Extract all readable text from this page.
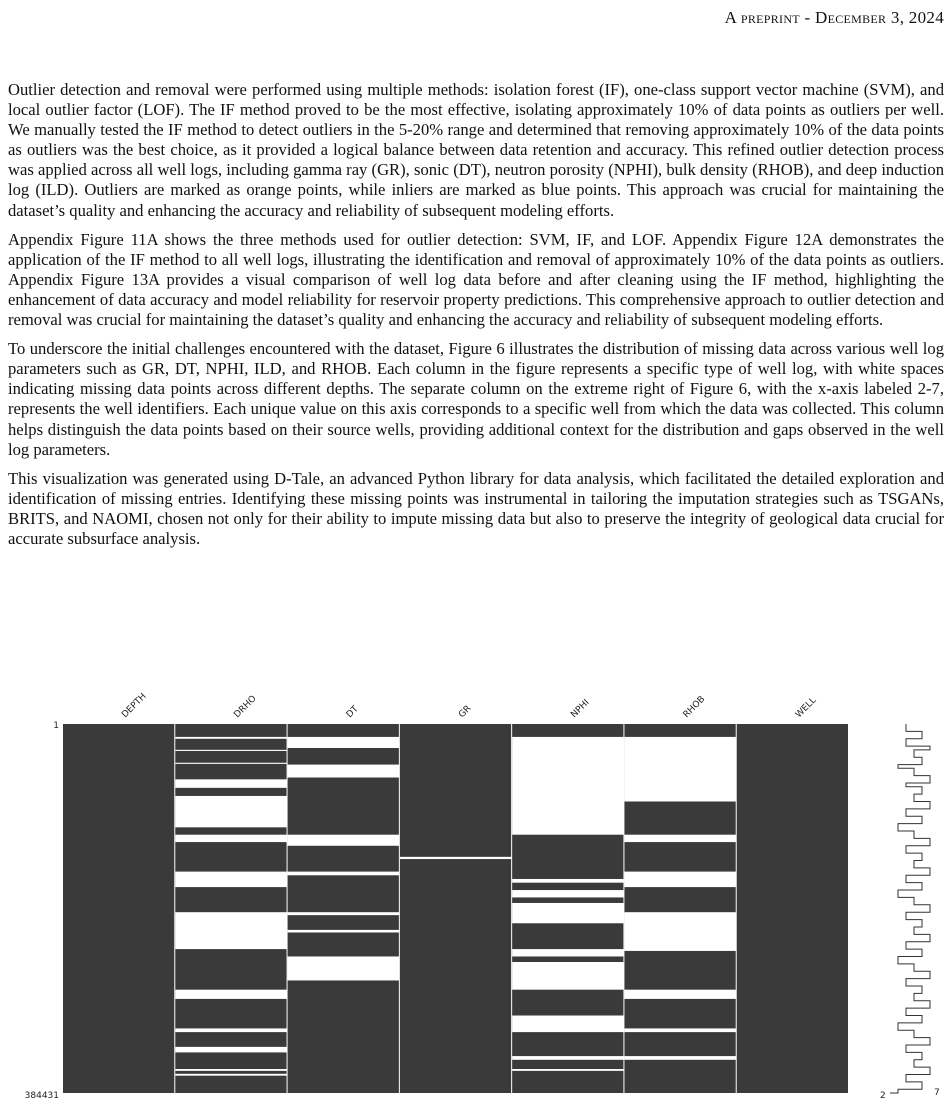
A preprint - December 3, 2024

Outlier detection and removal were performed using multiple methods: isolation forest (IF), one-class support vector machine (SVM), and local outlier factor (LOF). The IF method proved to be the most effective, isolating approximately 10% of data points as outliers per well. We manually tested the IF method to detect outliers in the 5-20% range and determined that removing approximately 10% of the data points as outliers was the best choice, as it provided a logical balance between data retention and accuracy. This refined outlier detection process was applied across all well logs, including gamma ray (GR), sonic (DT), neutron porosity (NPHI), bulk density (RHOB), and deep induction log (ILD). Outliers are marked as orange points, while inliers are marked as blue points. This approach was crucial for maintaining the dataset’s quality and enhancing the accuracy and reliability of subsequent modeling efforts.

Appendix Figure 11A shows the three methods used for outlier detection: SVM, IF, and LOF. Appendix Figure 12A demonstrates the application of the IF method to all well logs, illustrating the identification and removal of approximately 10% of the data points as outliers. Appendix Figure 13A provides a visual comparison of well log data before and after cleaning using the IF method, highlighting the enhancement of data accuracy and model reliability for reservoir property predictions. This comprehensive approach to outlier detection and removal was crucial for maintaining the dataset’s quality and enhancing the accuracy and reliability of subsequent modeling efforts.

To underscore the initial challenges encountered with the dataset, Figure 6 illustrates the distribution of missing data across various well log parameters such as GR, DT, NPHI, ILD, and RHOB. Each column in the figure represents a specific type of well log, with white spaces indicating missing data points across different depths. The separate column on the extreme right of Figure 6, with the x-axis labeled 2-7, represents the well identifiers. Each unique value on this axis corresponds to a specific well from which the data was collected. This column helps distinguish the data points based on their source wells, providing additional context for the distribution and gaps observed in the well log parameters.

This visualization was generated using D-Tale, an advanced Python library for data analysis, which facilitated the detailed exploration and identification of missing entries. Identifying these missing points was instrumental in tailoring the imputation strategies such as TSGANs, BRITS, and NAOMI, chosen not only for their ability to impute missing data but also to preserve the integrity of geological data crucial for accurate subsurface analysis.

DEPTH	DRHO	DT	GR	NPHI	RHOB	WELL
1
384431	2	7
